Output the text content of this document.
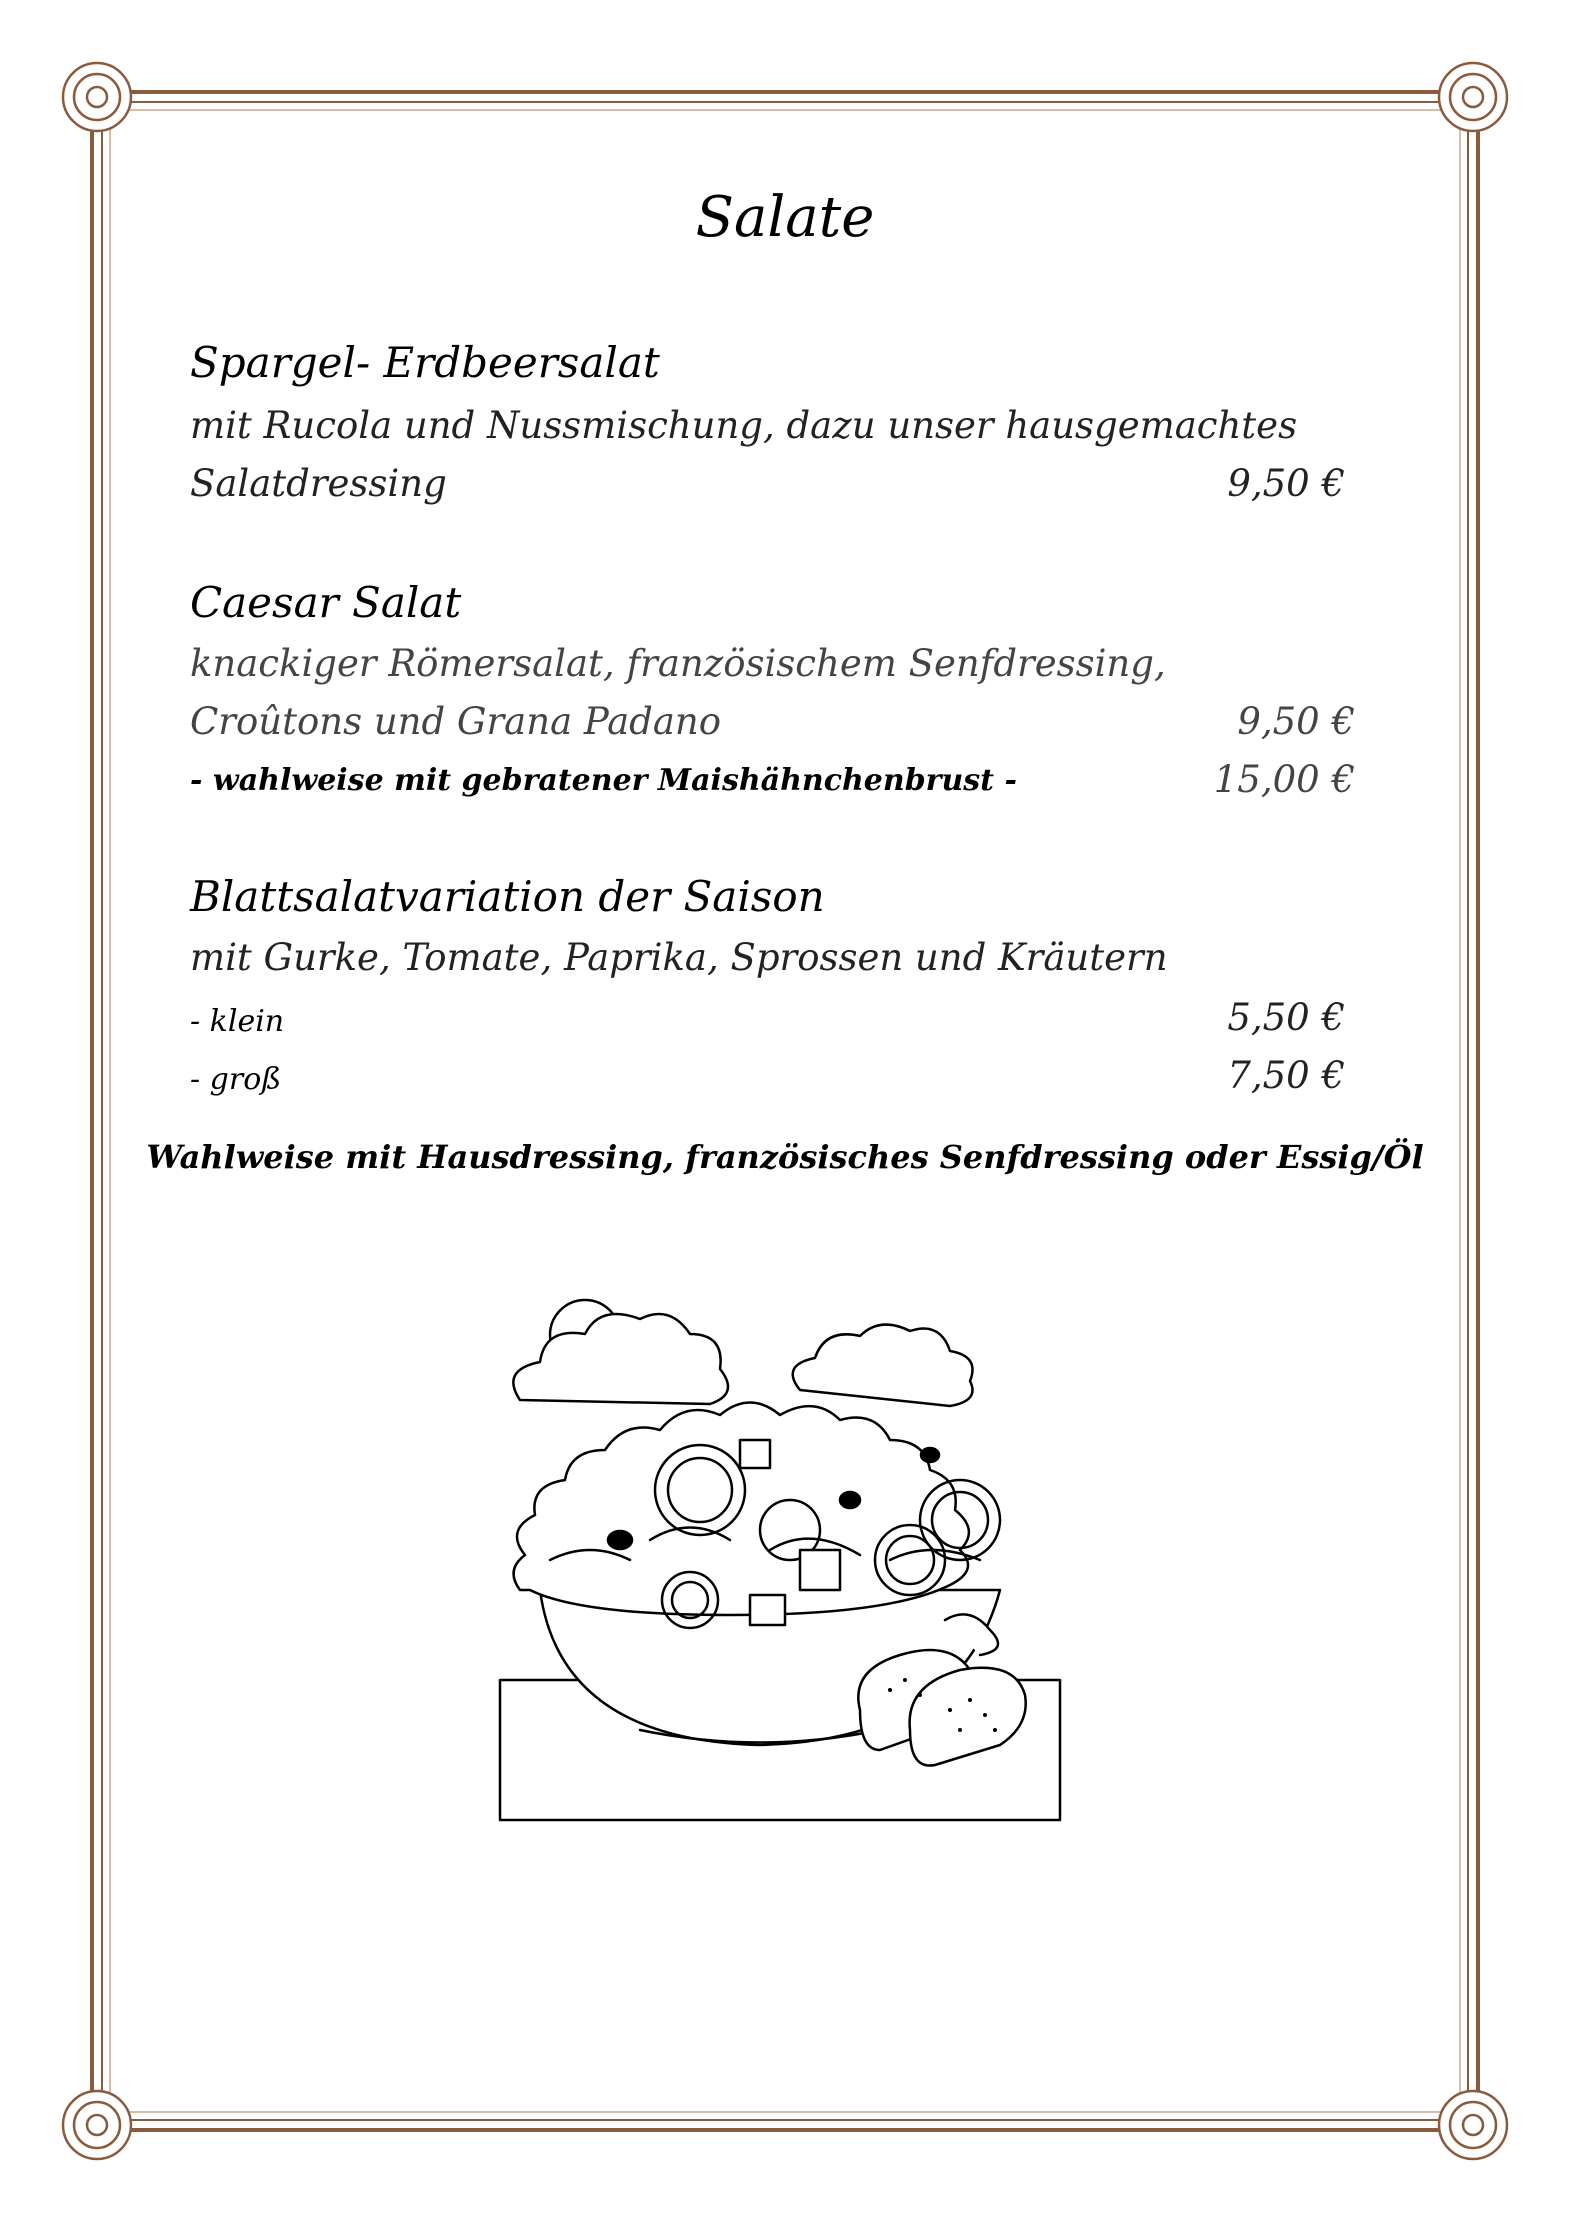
Salate
Spargel- Erdbeersalat
mit Rucola und Nussmischung, dazu unser hausgemachtes
Salatdressing	9,50 €
Caesar Salat
knackiger Römersalat, französischem Senfdressing,
Croûtons und Grana Padano	9,50 €
- wahlweise mit gebratener Maishähnchenbrust -	15,00 €
Blattsalatvariation der Saison
mit Gurke, Tomate, Paprika, Sprossen und Kräutern
- klein	5,50 €
- groß	7,50 €
Wahlweise mit Hausdressing, französisches Senfdressing oder Essig/Öl
